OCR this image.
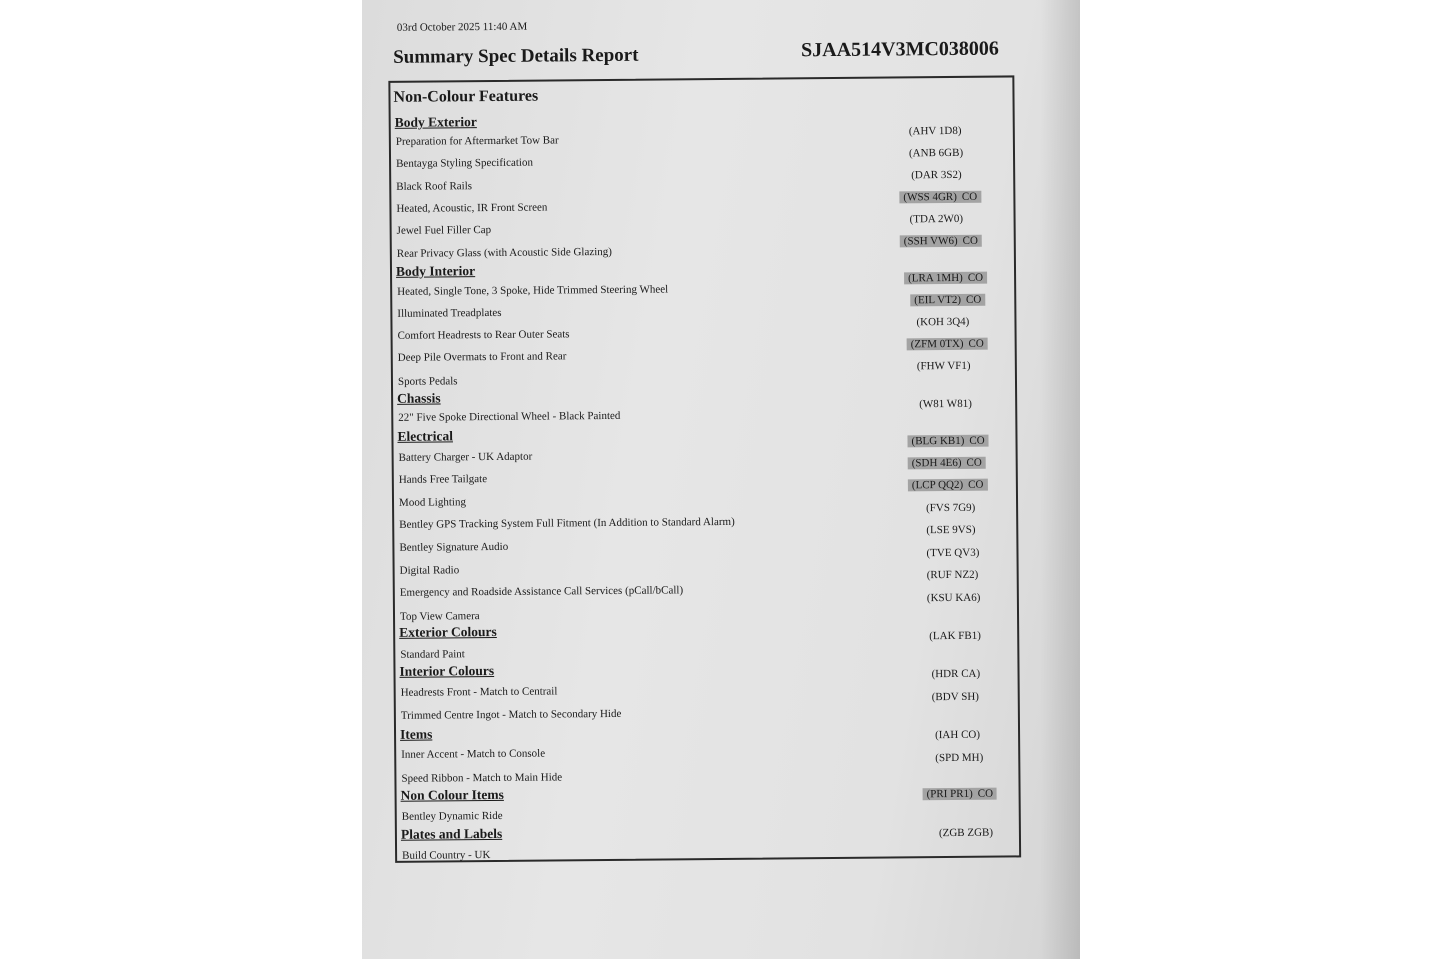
03rd October 2025 11:40 AM
Summary Spec Details Report	SJAA514V3MC038006
Non-Colour Features
Body Exterior
Preparation for Aftermarket Tow Bar
(AHV 1D8)
Bentayga Styling Specification
(ANB 6GB)
Black Roof Rails
(DAR 3S2)
Heated, Acoustic, IR Front Screen
(WSS 4GR) CO
Jewel Fuel Filler Cap
(TDA 2W0)
Rear Privacy Glass (with Acoustic Side Glazing)
(SSH VW6) CO
Body Interior
Heated, Single Tone, 3 Spoke, Hide Trimmed Steering Wheel
(LRA 1MH) CO
Illuminated Treadplates
(EIL VT2) CO
Comfort Headrests to Rear Outer Seats
(KOH 3Q4)
Deep Pile Overmats to Front and Rear
(ZFM 0TX) CO
Sports Pedals
(FHW VF1)
Chassis
22" Five Spoke Directional Wheel - Black Painted
(W81 W81)
Electrical
Battery Charger - UK Adaptor
(BLG KB1) CO
Hands Free Tailgate
(SDH 4E6) CO
Mood Lighting
(LCP QQ2) CO
Bentley GPS Tracking System Full Fitment (In Addition to Standard Alarm)
(FVS 7G9)
Bentley Signature Audio
(LSE 9VS)
Digital Radio
(TVE QV3)
Emergency and Roadside Assistance Call Services (pCall/bCall)
(RUF NZ2)
Top View Camera
(KSU KA6)
Exterior Colours
Standard Paint
(LAK FB1)
Interior Colours
Headrests Front - Match to Centrail
(HDR CA)
Trimmed Centre Ingot - Match to Secondary Hide
(BDV SH)
Items
Inner Accent - Match to Console
(IAH CO)
Speed Ribbon - Match to Main Hide
(SPD MH)
Non Colour Items
Bentley Dynamic Ride
(PRI PR1) CO
Plates and Labels
Build Country - UK
(ZGB ZGB)
